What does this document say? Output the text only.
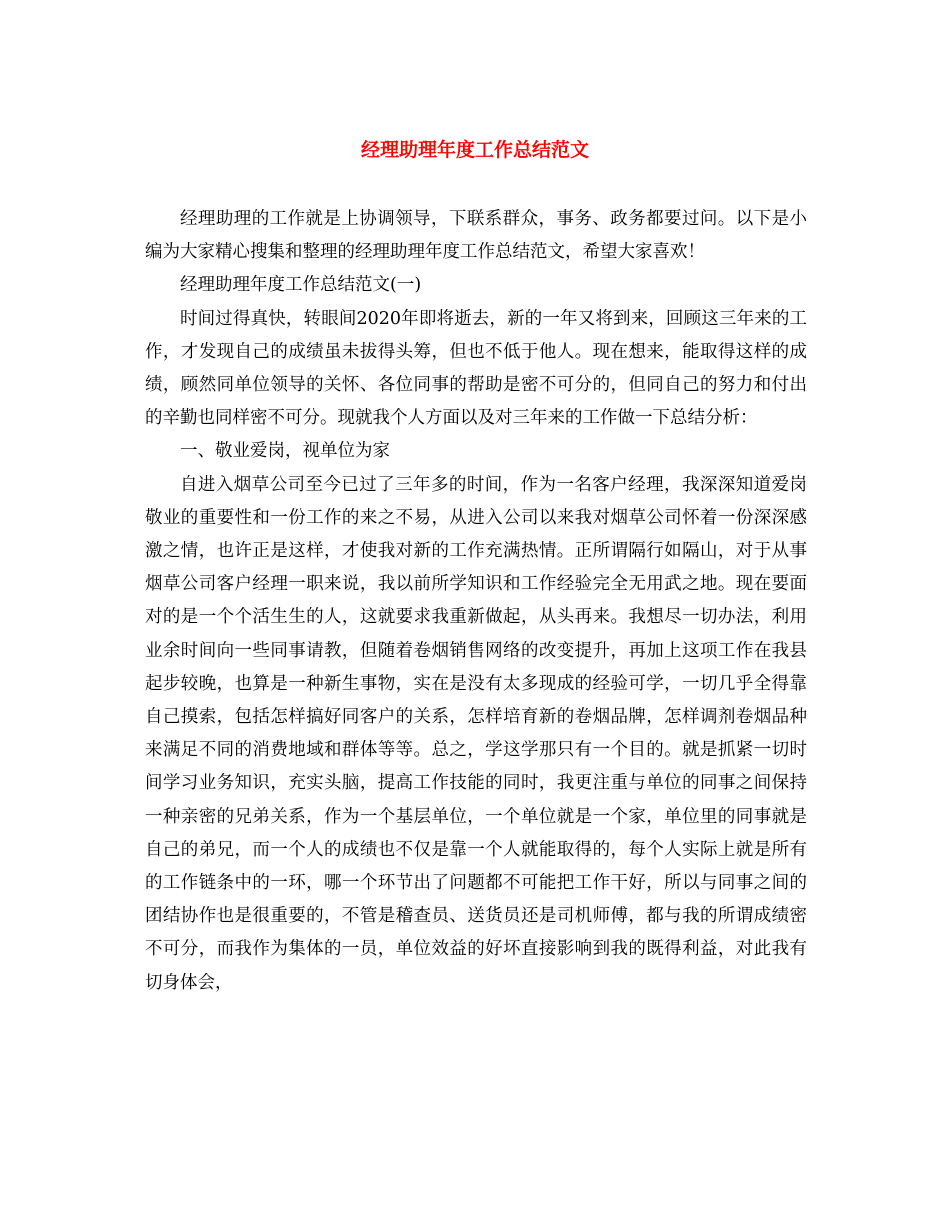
经理助理年度工作总结范文

经理助理的工作就是上协调领导，下联系群众，事务、政务都要过问。以下是小编为大家精心搜集和整理的经理助理年度工作总结范文，希望大家喜欢！

经理助理年度工作总结范文(一)

时间过得真快，转眼间2020年即将逝去，新的一年又将到来，回顾这三年来的工作，才发现自己的成绩虽未拔得头筹，但也不低于他人。现在想来，能取得这样的成绩，顾然同单位领导的关怀、各位同事的帮助是密不可分的，但同自己的努力和付出的辛勤也同样密不可分。现就我个人方面以及对三年来的工作做一下总结分析：

一、敬业爱岗，视单位为家

自进入烟草公司至今已过了三年多的时间，作为一名客户经理，我深深知道爱岗敬业的重要性和一份工作的来之不易，从进入公司以来我对烟草公司怀着一份深深感激之情，也许正是这样，才使我对新的工作充满热情。正所谓隔行如隔山，对于从事烟草公司客户经理一职来说，我以前所学知识和工作经验完全无用武之地。现在要面对的是一个个活生生的人，这就要求我重新做起，从头再来。我想尽一切办法，利用业余时间向一些同事请教，但随着卷烟销售网络的改变提升，再加上这项工作在我县起步较晚，也算是一种新生事物，实在是没有太多现成的经验可学，一切几乎全得靠自己摸索，包括怎样搞好同客户的关系，怎样培育新的卷烟品牌，怎样调剂卷烟品种来满足不同的消费地域和群体等等。总之，学这学那只有一个目的。就是抓紧一切时间学习业务知识，充实头脑，提高工作技能的同时，我更注重与单位的同事之间保持一种亲密的兄弟关系，作为一个基层单位，一个单位就是一个家，单位里的同事就是自己的弟兄，而一个人的成绩也不仅是靠一个人就能取得的，每个人实际上就是所有的工作链条中的一环，哪一个环节出了问题都不可能把工作干好，所以与同事之间的团结协作也是很重要的，不管是稽查员、送货员还是司机师傅，都与我的所谓成绩密不可分，而我作为集体的一员，单位效益的好坏直接影响到我的既得利益，对此我有切身体会，
